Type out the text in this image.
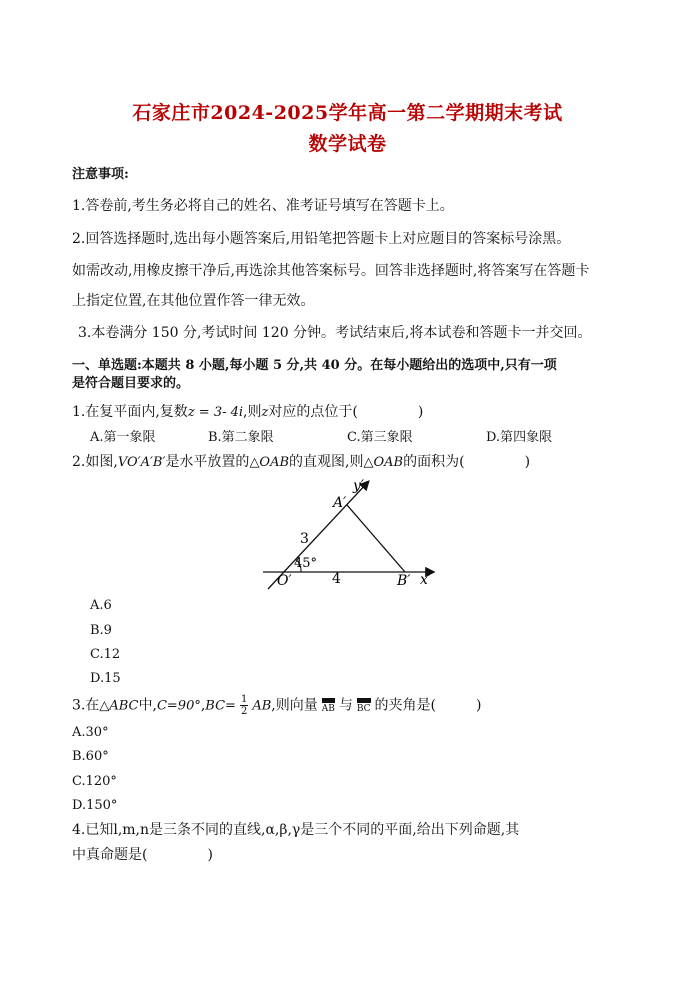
石家庄市2024-2025学年高一第二学期期末考试
数学试卷
注意事项:
1.答卷前,考生务必将自己的姓名、准考证号填写在答题卡上。
2.回答选择题时,选出每小题答案后,用铅笔把答题卡上对应题目的答案标号涂黑。
如需改动,用橡皮擦干净后,再选涂其他答案标号。回答非选择题时,将答案写在答题卡
上指定位置,在其他位置作答一律无效。
3.本卷满分 150 分,考试时间 120 分钟。考试结束后,将本试卷和答题卡一并交回。
一、单选题:本题共 8 小题,每小题 5 分,共 40 分。在每小题给出的选项中,只有一项
是符合题目要求的。
1.在复平面内,复数z = 3- 4i,则z对应的点位于(	)
A.第一象限	B.第二象限	C.第三象限	D.第四象限
2.如图,VO′A′B′是水平放置的△OAB的直观图,则△OAB的面积为(	)
y′
A′
3
45°
O′	4	B′ x′
A.6
B.9
C.12
D.15
3.在△ABC中$,C=90^\circ,BC= \frac{1}{2}$ AB,则向量 AB 与 BC 的夹角是(	)
A.30°
B.60°
C.120°
D.150°
4.已知l,m,n是三条不同的直线,α,β,γ是三个不同的平面,给出下列命题,其
中真命题是(	)
